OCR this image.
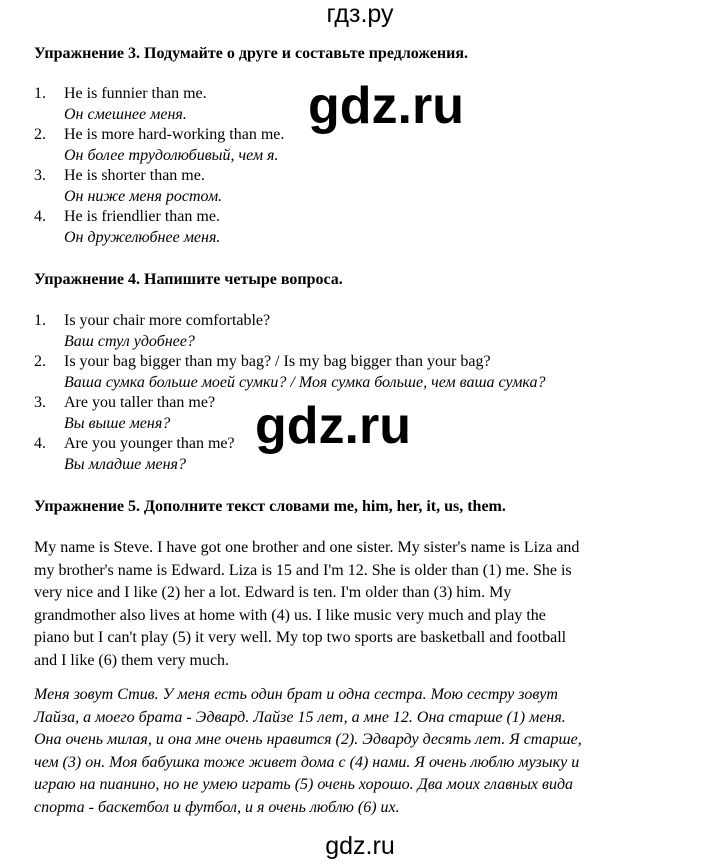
гдз.ру
Упражнение 3. Подумайте о друге и составьте предложения.
1. He is funnier than me.
Он смешнее меня.
2. He is more hard-working than me.
Он более трудолюбивый, чем я.
3. He is shorter than me.
Он ниже меня ростом.
4. He is friendlier than me.
Он дружелюбнее меня.
Упражнение 4. Напишите четыре вопроса.
1. Is your chair more comfortable?
Ваш стул удобнее?
2. Is your bag bigger than my bag? / Is my bag bigger than your bag?
Ваша сумка больше моей сумки? / Моя сумка больше, чем ваша сумка?
3. Are you taller than me?
Вы выше меня?
4. Are you younger than me?
Вы младше меня?
Упражнение 5. Дополните текст словами me, him, her, it, us, them.
My name is Steve. I have got one brother and one sister. My sister's name is Liza and
my brother's name is Edward. Liza is 15 and I'm 12. She is older than (1) me. She is
very nice and I like (2) her a lot. Edward is ten. I'm older than (3) him. My
grandmother also lives at home with (4) us. I like music very much and play the
piano but I can't play (5) it very well. My top two sports are basketball and football
and I like (6) them very much.
Меня зовут Стив. У меня есть один брат и одна сестра. Мою сестру зовут
Лайза, а моего брата - Эдвард. Лайзе 15 лет, а мне 12. Она старше (1) меня.
Она очень милая, и она мне очень нравится (2). Эдварду десять лет. Я старше,
чем (3) он. Моя бабушка тоже живет дома с (4) нами. Я очень люблю музыку и
играю на пианино, но не умею играть (5) очень хорошо. Два моих главных вида
спорта - баскетбол и футбол, и я очень люблю (6) их.
gdz.ru
gdz.ru
gdz.ru
